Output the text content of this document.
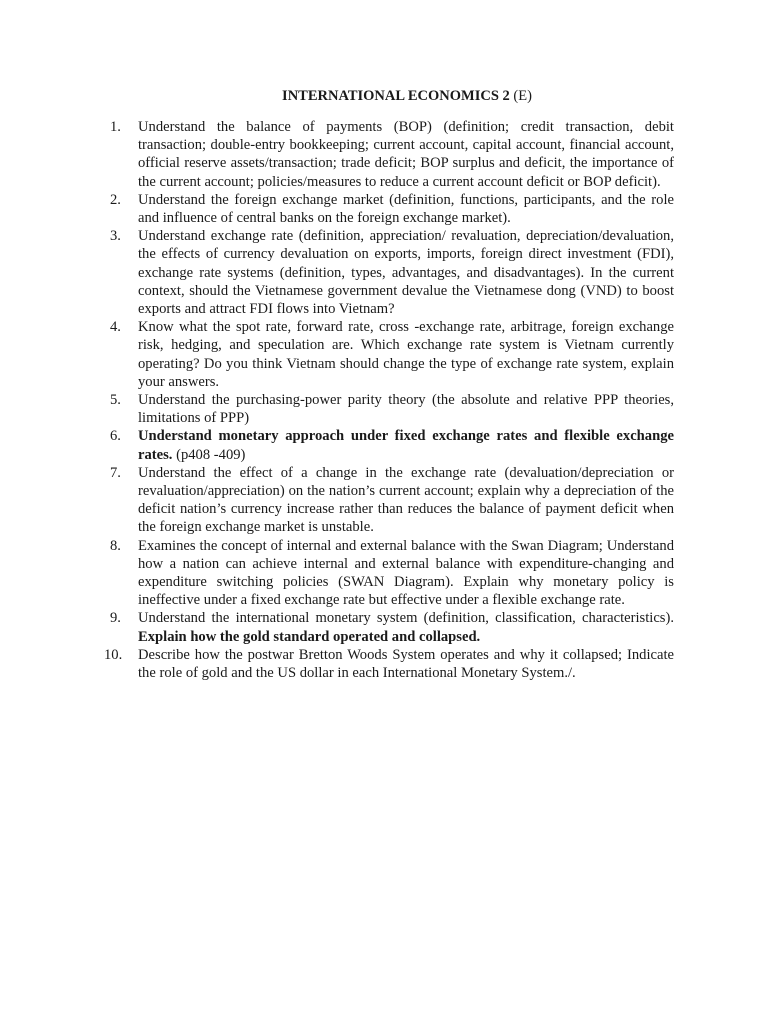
INTERNATIONAL ECONOMICS 2 (E)
1.	Understand the balance of payments (BOP) (definition; credit transaction, debit transaction; double-entry bookkeeping; current account, capital account, financial account, official reserve assets/transaction; trade deficit; BOP surplus and deficit, the importance of the current account; policies/measures to reduce a current account deficit or BOP deficit).
2.	Understand the foreign exchange market (definition, functions, participants, and the role and influence of central banks on the foreign exchange market).
3.	Understand exchange rate (definition, appreciation/ revaluation, depreciation/devaluation, the effects of currency devaluation on exports, imports, foreign direct investment (FDI), exchange rate systems (definition, types, advantages, and disadvantages). In the current context, should the Vietnamese government devalue the Vietnamese dong (VND) to boost exports and attract FDI flows into Vietnam?
4.	Know what the spot rate, forward rate, cross -exchange rate, arbitrage, foreign exchange risk, hedging, and speculation are. Which exchange rate system is Vietnam currently operating? Do you think Vietnam should change the type of exchange rate system, explain your answers.
5.	Understand the purchasing-power parity theory (the absolute and relative PPP theories, limitations of PPP)
6.	Understand monetary approach under fixed exchange rates and flexible exchange rates. (p408 -409)
7.	Understand the effect of a change in the exchange rate (devaluation/depreciation or revaluation/appreciation) on the nation’s current account; explain why a depreciation of the deficit nation’s currency increase rather than reduces the balance of payment deficit when the foreign exchange market is unstable.
8.	Examines the concept of internal and external balance with the Swan Diagram; Understand how a nation can achieve internal and external balance with expenditure-changing and expenditure switching policies (SWAN Diagram). Explain why monetary policy is ineffective under a fixed exchange rate but effective under a flexible exchange rate.
9.	Understand the international monetary system (definition, classification, characteristics). Explain how the gold standard operated and collapsed.
10.	Describe how the postwar Bretton Woods System operates and why it collapsed; Indicate the role of gold and the US dollar in each International Monetary System./.
